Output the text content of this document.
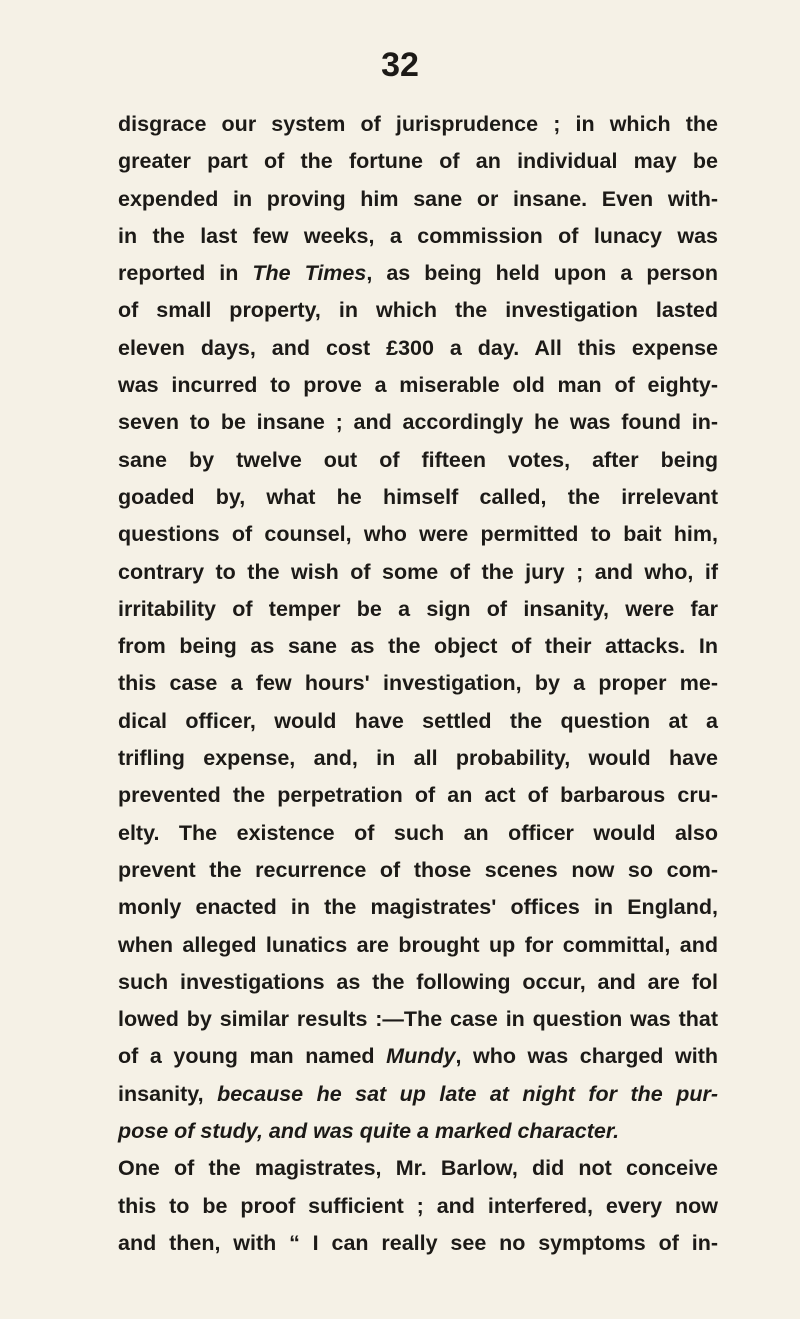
32
disgrace our system of jurisprudence ; in which the
greater part of the fortune of an individual may be
expended in proving him sane or insane. Even with-
in the last few weeks, a commission of lunacy was
reported in The Times, as being held upon a person
of small property, in which the investigation lasted
eleven days, and cost £300 a day. All this expense
was incurred to prove a miserable old man of eighty-
seven to be insane ; and accordingly he was found in-
sane by twelve out of fifteen votes, after being
goaded by, what he himself called, the irrelevant
questions of counsel, who were permitted to bait him,
contrary to the wish of some of the jury ; and who, if
irritability of temper be a sign of insanity, were far
from being as sane as the object of their attacks. In
this case a few hours' investigation, by a proper me-
dical officer, would have settled the question at a
trifling expense, and, in all probability, would have
prevented the perpetration of an act of barbarous cru-
elty. The existence of such an officer would also
prevent the recurrence of those scenes now so com-
monly enacted in the magistrates' offices in England,
when alleged lunatics are brought up for committal, and
such investigations as the following occur, and are fol
lowed by similar results :—The case in question was that
of a young man named Mundy, who was charged with
insanity, because he sat up late at night for the pur-
pose of study, and was quite a marked character.
One of the magistrates, Mr. Barlow, did not conceive
this to be proof sufficient ; and interfered, every now
and then, with “ I can really see no symptoms of in-
